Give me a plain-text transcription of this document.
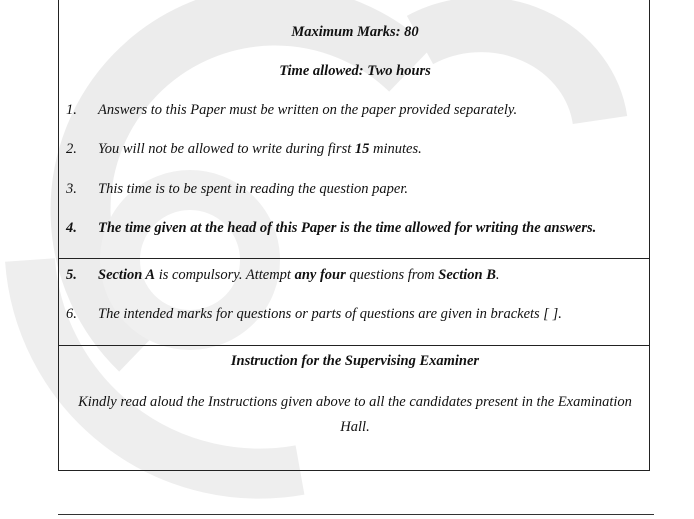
Maximum Marks: 80
Time allowed: Two hours
1. Answers to this Paper must be written on the paper provided separately.
2. You will not be allowed to write during first 15 minutes.
3. This time is to be spent in reading the question paper.
4. The time given at the head of this Paper is the time allowed for writing the answers.
5. Section A is compulsory. Attempt any four questions from Section B.
6. The intended marks for questions or parts of questions are given in brackets [ ].
Instruction for the Supervising Examiner
Kindly read aloud the Instructions given above to all the candidates present in the Examination Hall.
